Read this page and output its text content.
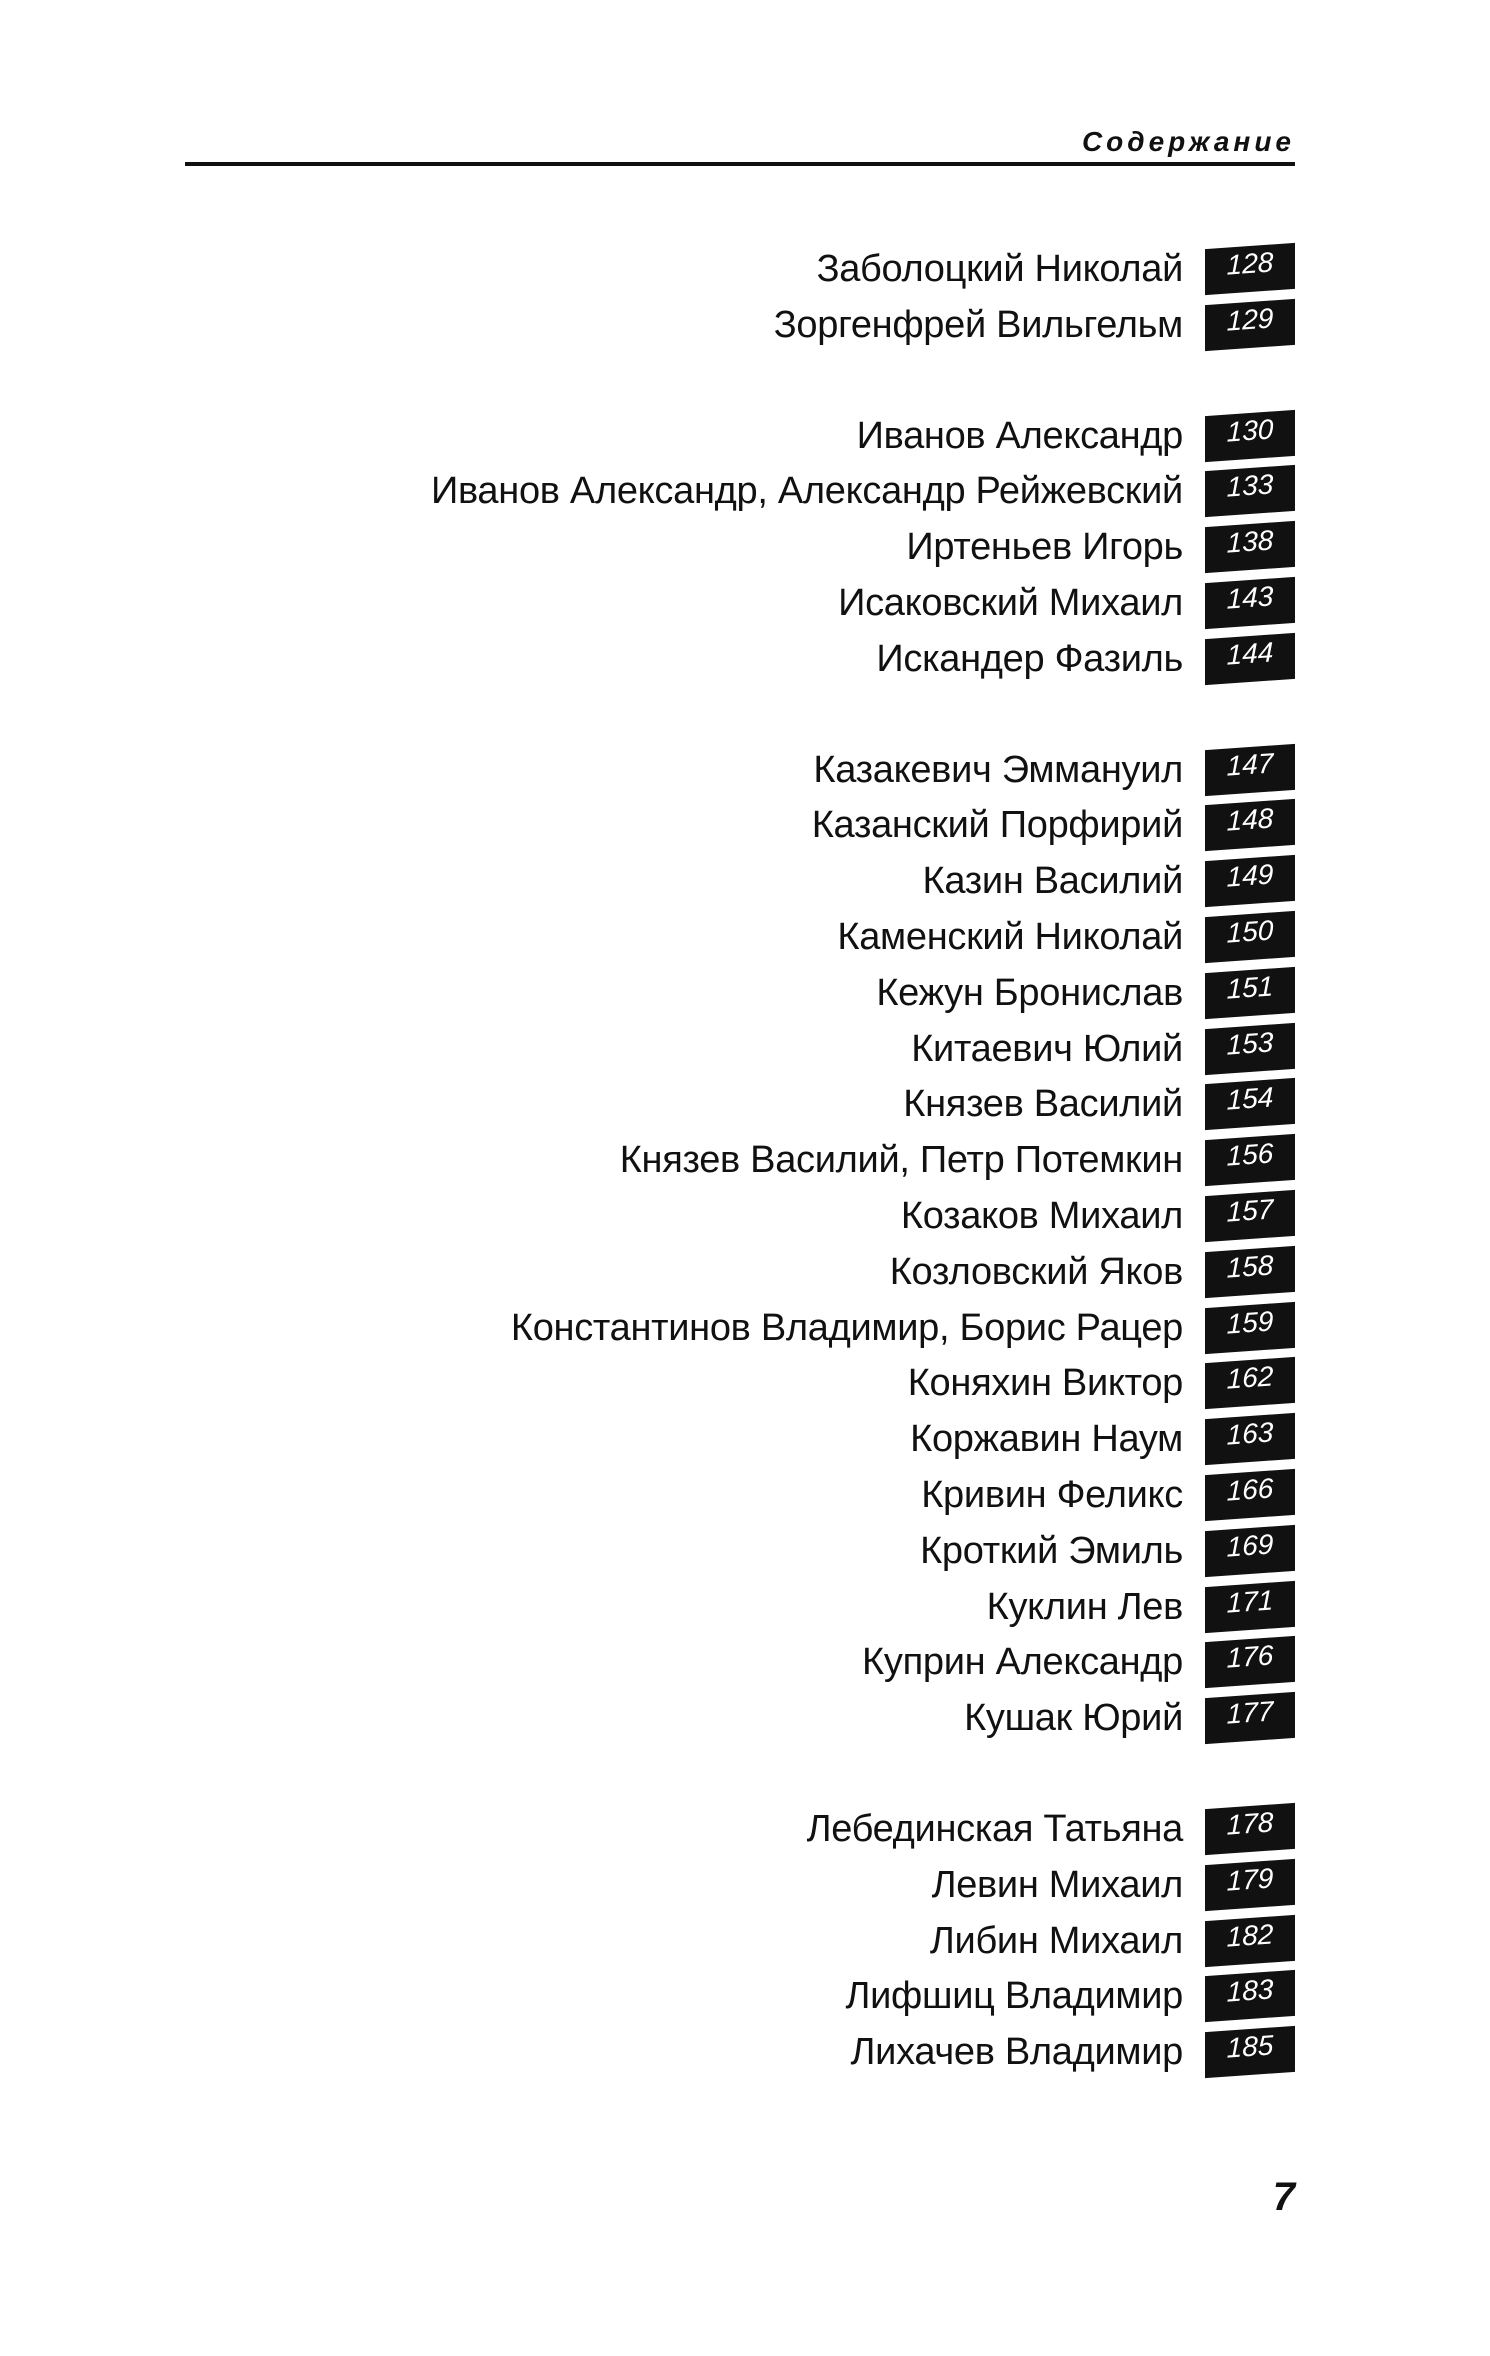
Содержание
Заболоцкий Николай	128
Зоргенфрей Вильгельм	129
Иванов Александр	130
Иванов Александр, Александр Рейжевский	133
Иртеньев Игорь	138
Исаковский Михаил	143
Искандер Фазиль	144
Казакевич Эммануил	147
Казанский Порфирий	148
Казин Василий	149
Каменский Николай	150
Кежун Бронислав	151
Китаевич Юлий	153
Князев Василий	154
Князев Василий, Петр Потемкин	156
Козаков Михаил	157
Козловский Яков	158
Константинов Владимир, Борис Рацер	159
Коняхин Виктор	162
Коржавин Наум	163
Кривин Феликс	166
Кроткий Эмиль	169
Куклин Лев	171
Куприн Александр	176
Кушак Юрий	177
Лебединская Татьяна	178
Левин Михаил	179
Либин Михаил	182
Лифшиц Владимир	183
Лихачев Владимир	185
7
